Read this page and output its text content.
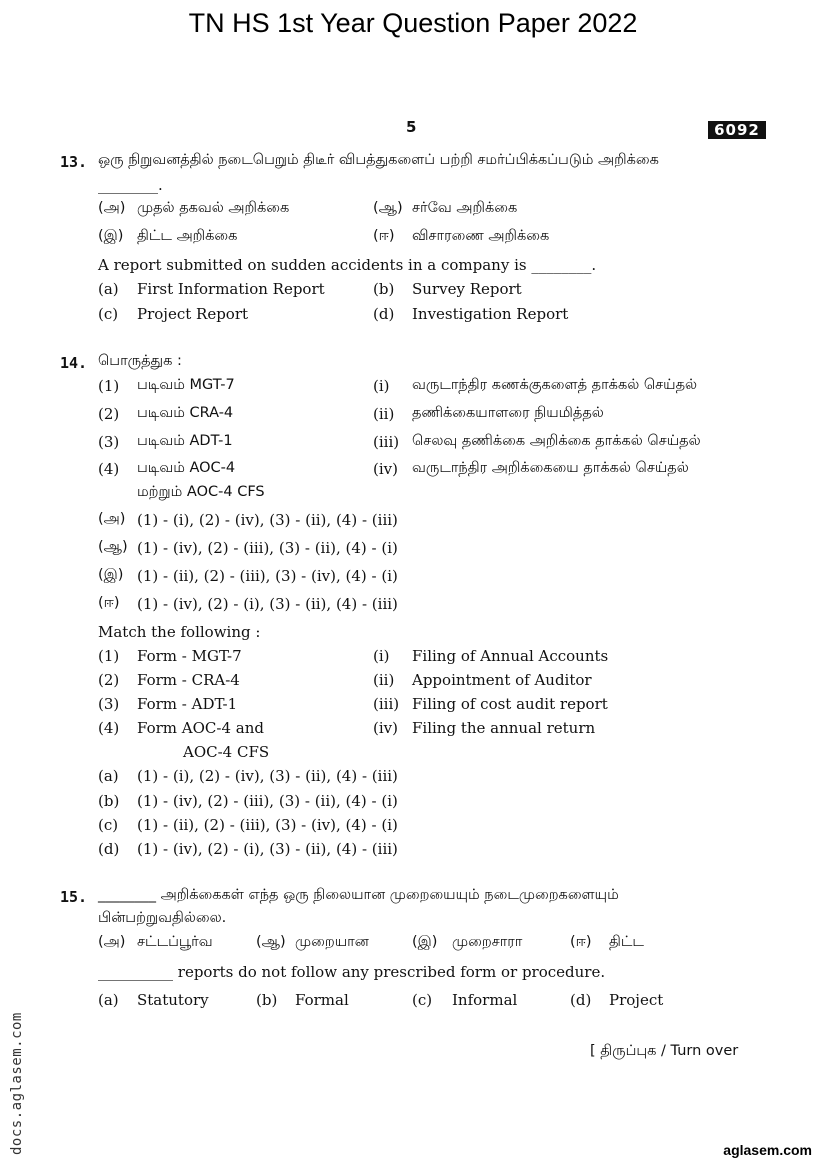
TN HS 1st Year Question Paper 2022
5	6092
13. ஒரு நிறுவனத்தில் நடைபெறும் திடீர் விபத்துகளைப் பற்றி சமர்ப்பிக்கப்படும் அறிக்கை
________.
(அ) முதல் தகவல் அறிக்கை	(ஆ) சர்வே அறிக்கை
(இ) திட்ட அறிக்கை	(ஈ) விசாரணை அறிக்கை
A report submitted on sudden accidents in a company is ________.
(a) First Information Report	(b) Survey Report
(c) Project Report	(d) Investigation Report
14. பொருத்துக :
(1) படிவம் MGT-7	(i) வருடாந்திர கணக்குகளைத் தாக்கல் செய்தல்
(2) படிவம் CRA-4	(ii) தணிக்கையாளரை நியமித்தல்
(3) படிவம் ADT-1	(iii) செலவு தணிக்கை அறிக்கை தாக்கல் செய்தல்
(4) படிவம் AOC-4	(iv) வருடாந்திர அறிக்கையை தாக்கல் செய்தல்
மற்றும் AOC-4 CFS
(அ) (1) - (i), (2) - (iv), (3) - (ii), (4) - (iii)
(ஆ) (1) - (iv), (2) - (iii), (3) - (ii), (4) - (i)
(இ) (1) - (ii), (2) - (iii), (3) - (iv), (4) - (i)
(ஈ) (1) - (iv), (2) - (i), (3) - (ii), (4) - (iii)
Match the following :
(1) Form - MGT-7	(i) Filing of Annual Accounts
(2) Form - CRA-4	(ii) Appointment of Auditor
(3) Form - ADT-1	(iii) Filing of cost audit report
(4) Form AOC-4 and	(iv) Filing the annual return
AOC-4 CFS
(a) (1) - (i), (2) - (iv), (3) - (ii), (4) - (iii)
(b) (1) - (iv), (2) - (iii), (3) - (ii), (4) - (i)
(c) (1) - (ii), (2) - (iii), (3) - (iv), (4) - (i)
(d) (1) - (iv), (2) - (i), (3) - (ii), (4) - (iii)
15. ________ அறிக்கைகள் எந்த ஒரு நிலையான முறையையும் நடைமுறைகளையும்
பின்பற்றுவதில்லை.
(அ) சட்டப்பூர்வ	(ஆ) முறையான	(இ) முறைசாரா	(ஈ) திட்ட
__________ reports do not follow any prescribed form or procedure.
(a) Statutory	(b) Formal	(c) Informal	(d) Project
[ திருப்புக / Turn over
docs.aglasem.com	aglasem.com
